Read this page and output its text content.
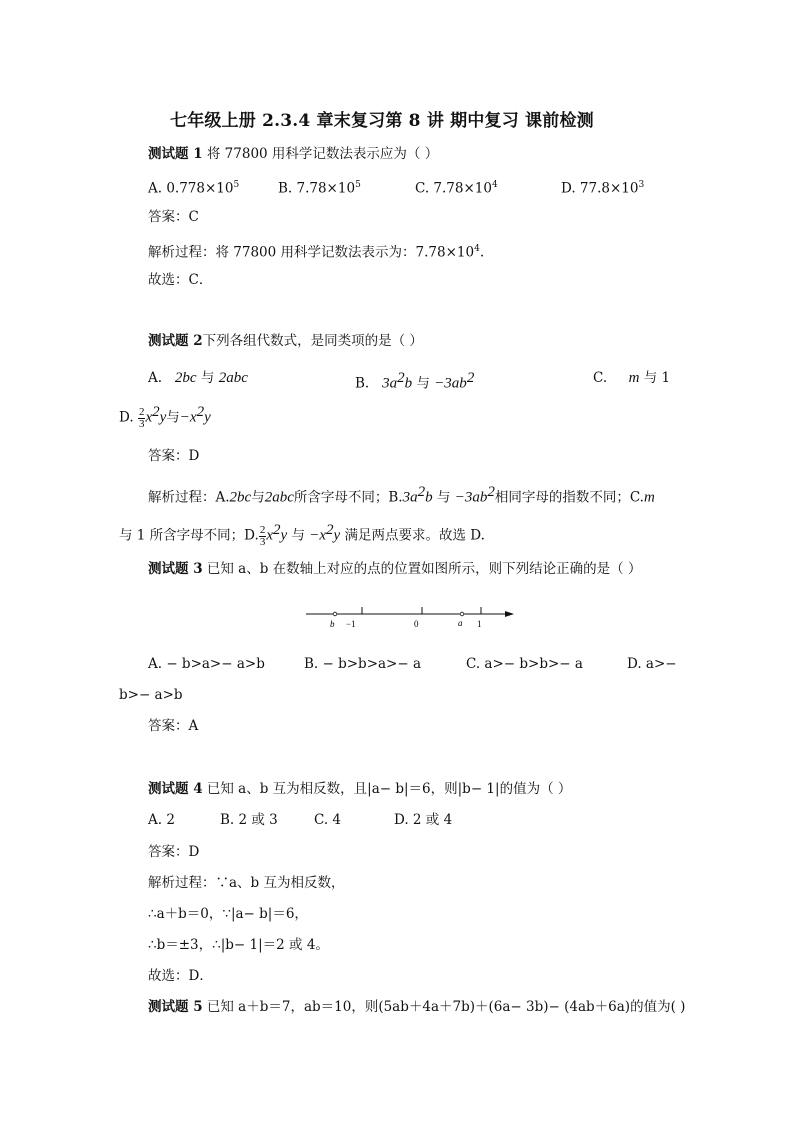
七年级上册 2.3.4 章末复习第 8 讲 期中复习 课前检测
测试题 1 将 77800 用科学记数法表示应为（ ）
A. $0.778\times 10^5$	B. $7.78\times 10^5$	C. $7.78\times 10^4$	D. $77.8\times 10^3$
答案：C
解析过程：将 77800 用科学记数法表示为：$7.78\times 10^4$.
故选：C．
测试题 2下列各组代数式，是同类项的是（ ）
A. 2bc 与 2abc	B. $3a^2b$ 与 $-3ab^2$	C. m 与 1
D. $\frac{2}{3} x^2y$与$-x^2y$
答案：D
解析过程：A.2bc与2abc所含字母不同；$B.3a^2b$ 与 $-3ab^2$相同字母的指数不同；C.m
与 1 所含字母不同；D. $\frac{2}{3} x^2y$ 与 $-x^2y$ 满足两点要求。故选 D.
测试题 3 已知 a、b 在数轴上对应的点的位置如图所示，则下列结论正确的是（ ）
b −1	0	a 1
A. − b>a>− a>b	B. − b>b>a>− a	C. a>− b>b>− a	D. a>−
b>− a>b
答案：A
测试题 4 已知 a、b 互为相反数，且|a− b|＝6，则|b− 1|的值为（ ）
A. 2	B. 2 或 3	C. 4	D. 2 或 4
答案：D
解析过程：∵a、b 互为相反数，
∴a＋b＝0，∵|a− b|＝6，
∴b＝±3，∴|b− 1|＝2 或 4。
故选：D．
测试题 5 已知 a＋b＝7，ab＝10，则(5ab＋4a＋7b)＋(6a− 3b)− (4ab＋6a)的值为( )
